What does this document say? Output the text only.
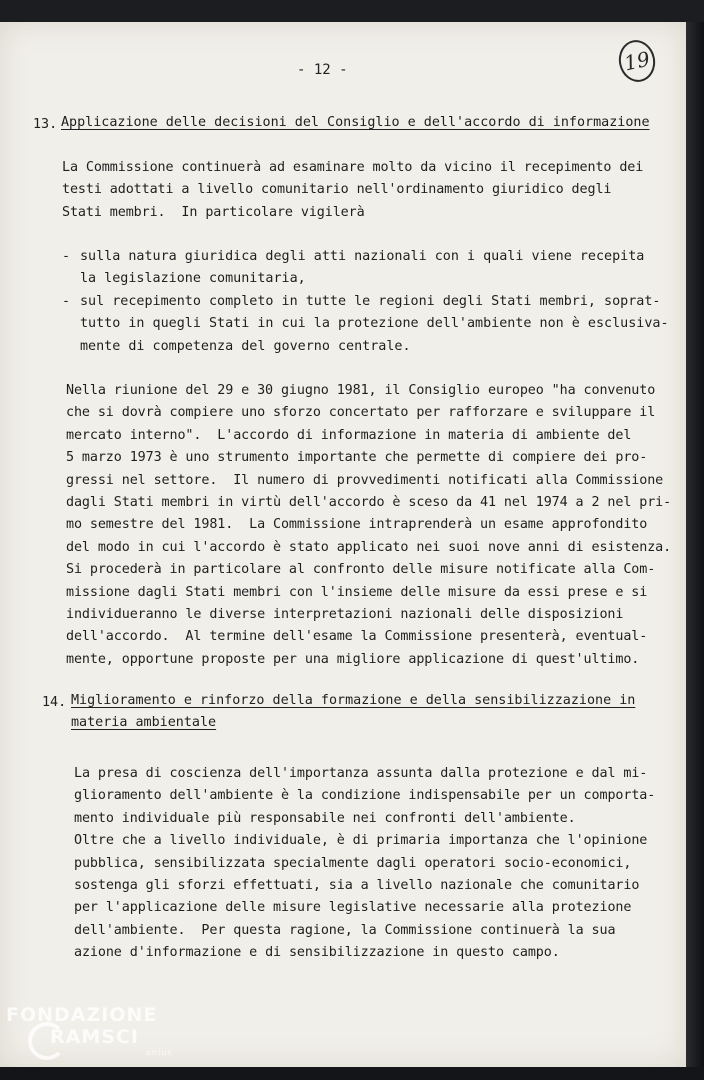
- 12 -	19
13. Applicazione delle decisioni del Consiglio e dell'accordo di informazione
La Commissione continuerà ad esaminare molto da vicino il recepimento dei
testi adottati a livello comunitario nell'ordinamento giuridico degli
Stati membri.  In particolare vigilerà
- sulla natura giuridica degli atti nazionali con i quali viene recepita
la legislazione comunitaria,
- sul recepimento completo in tutte le regioni degli Stati membri, soprat-
tutto in quegli Stati in cui la protezione dell'ambiente non è esclusiva-
mente di competenza del governo centrale.
Nella riunione del 29 e 30 giugno 1981, il Consiglio europeo "ha convenuto
che si dovrà compiere uno sforzo concertato per rafforzare e sviluppare il
mercato interno".  L'accordo di informazione in materia di ambiente del
5 marzo 1973 è uno strumento importante che permette di compiere dei pro-
gressi nel settore.  Il numero di provvedimenti notificati alla Commissione
dagli Stati membri in virtù dell'accordo è sceso da 41 nel 1974 a 2 nel pri-
mo semestre del 1981.  La Commissione intraprenderà un esame approfondito
del modo in cui l'accordo è stato applicato nei suoi nove anni di esistenza.
Si procederà in particolare al confronto delle misure notificate alla Com-
missione dagli Stati membri con l'insieme delle misure da essi prese e si
individueranno le diverse interpretazioni nazionali delle disposizioni
dell'accordo.  Al termine dell'esame la Commissione presenterà, eventual-
mente, opportune proposte per una migliore applicazione di quest'ultimo.
14. Miglioramento e rinforzo della formazione e della sensibilizzazione in
materia ambientale
La presa di coscienza dell'importanza assunta dalla protezione e dal mi-
glioramento dell'ambiente è la condizione indispensabile per un comporta-
mento individuale più responsabile nei confronti dell'ambiente.
Oltre che a livello individuale, è di primaria importanza che l'opinione
pubblica, sensibilizzata specialmente dagli operatori socio-economici,
sostenga gli sforzi effettuati, sia a livello nazionale che comunitario
per l'applicazione delle misure legislative necessarie alla protezione
dell'ambiente.  Per questa ragione, la Commissione continuerà la sua
azione d'informazione e di sensibilizzazione in questo campo.
FONDAZIONE
RAMSCI
onlus
